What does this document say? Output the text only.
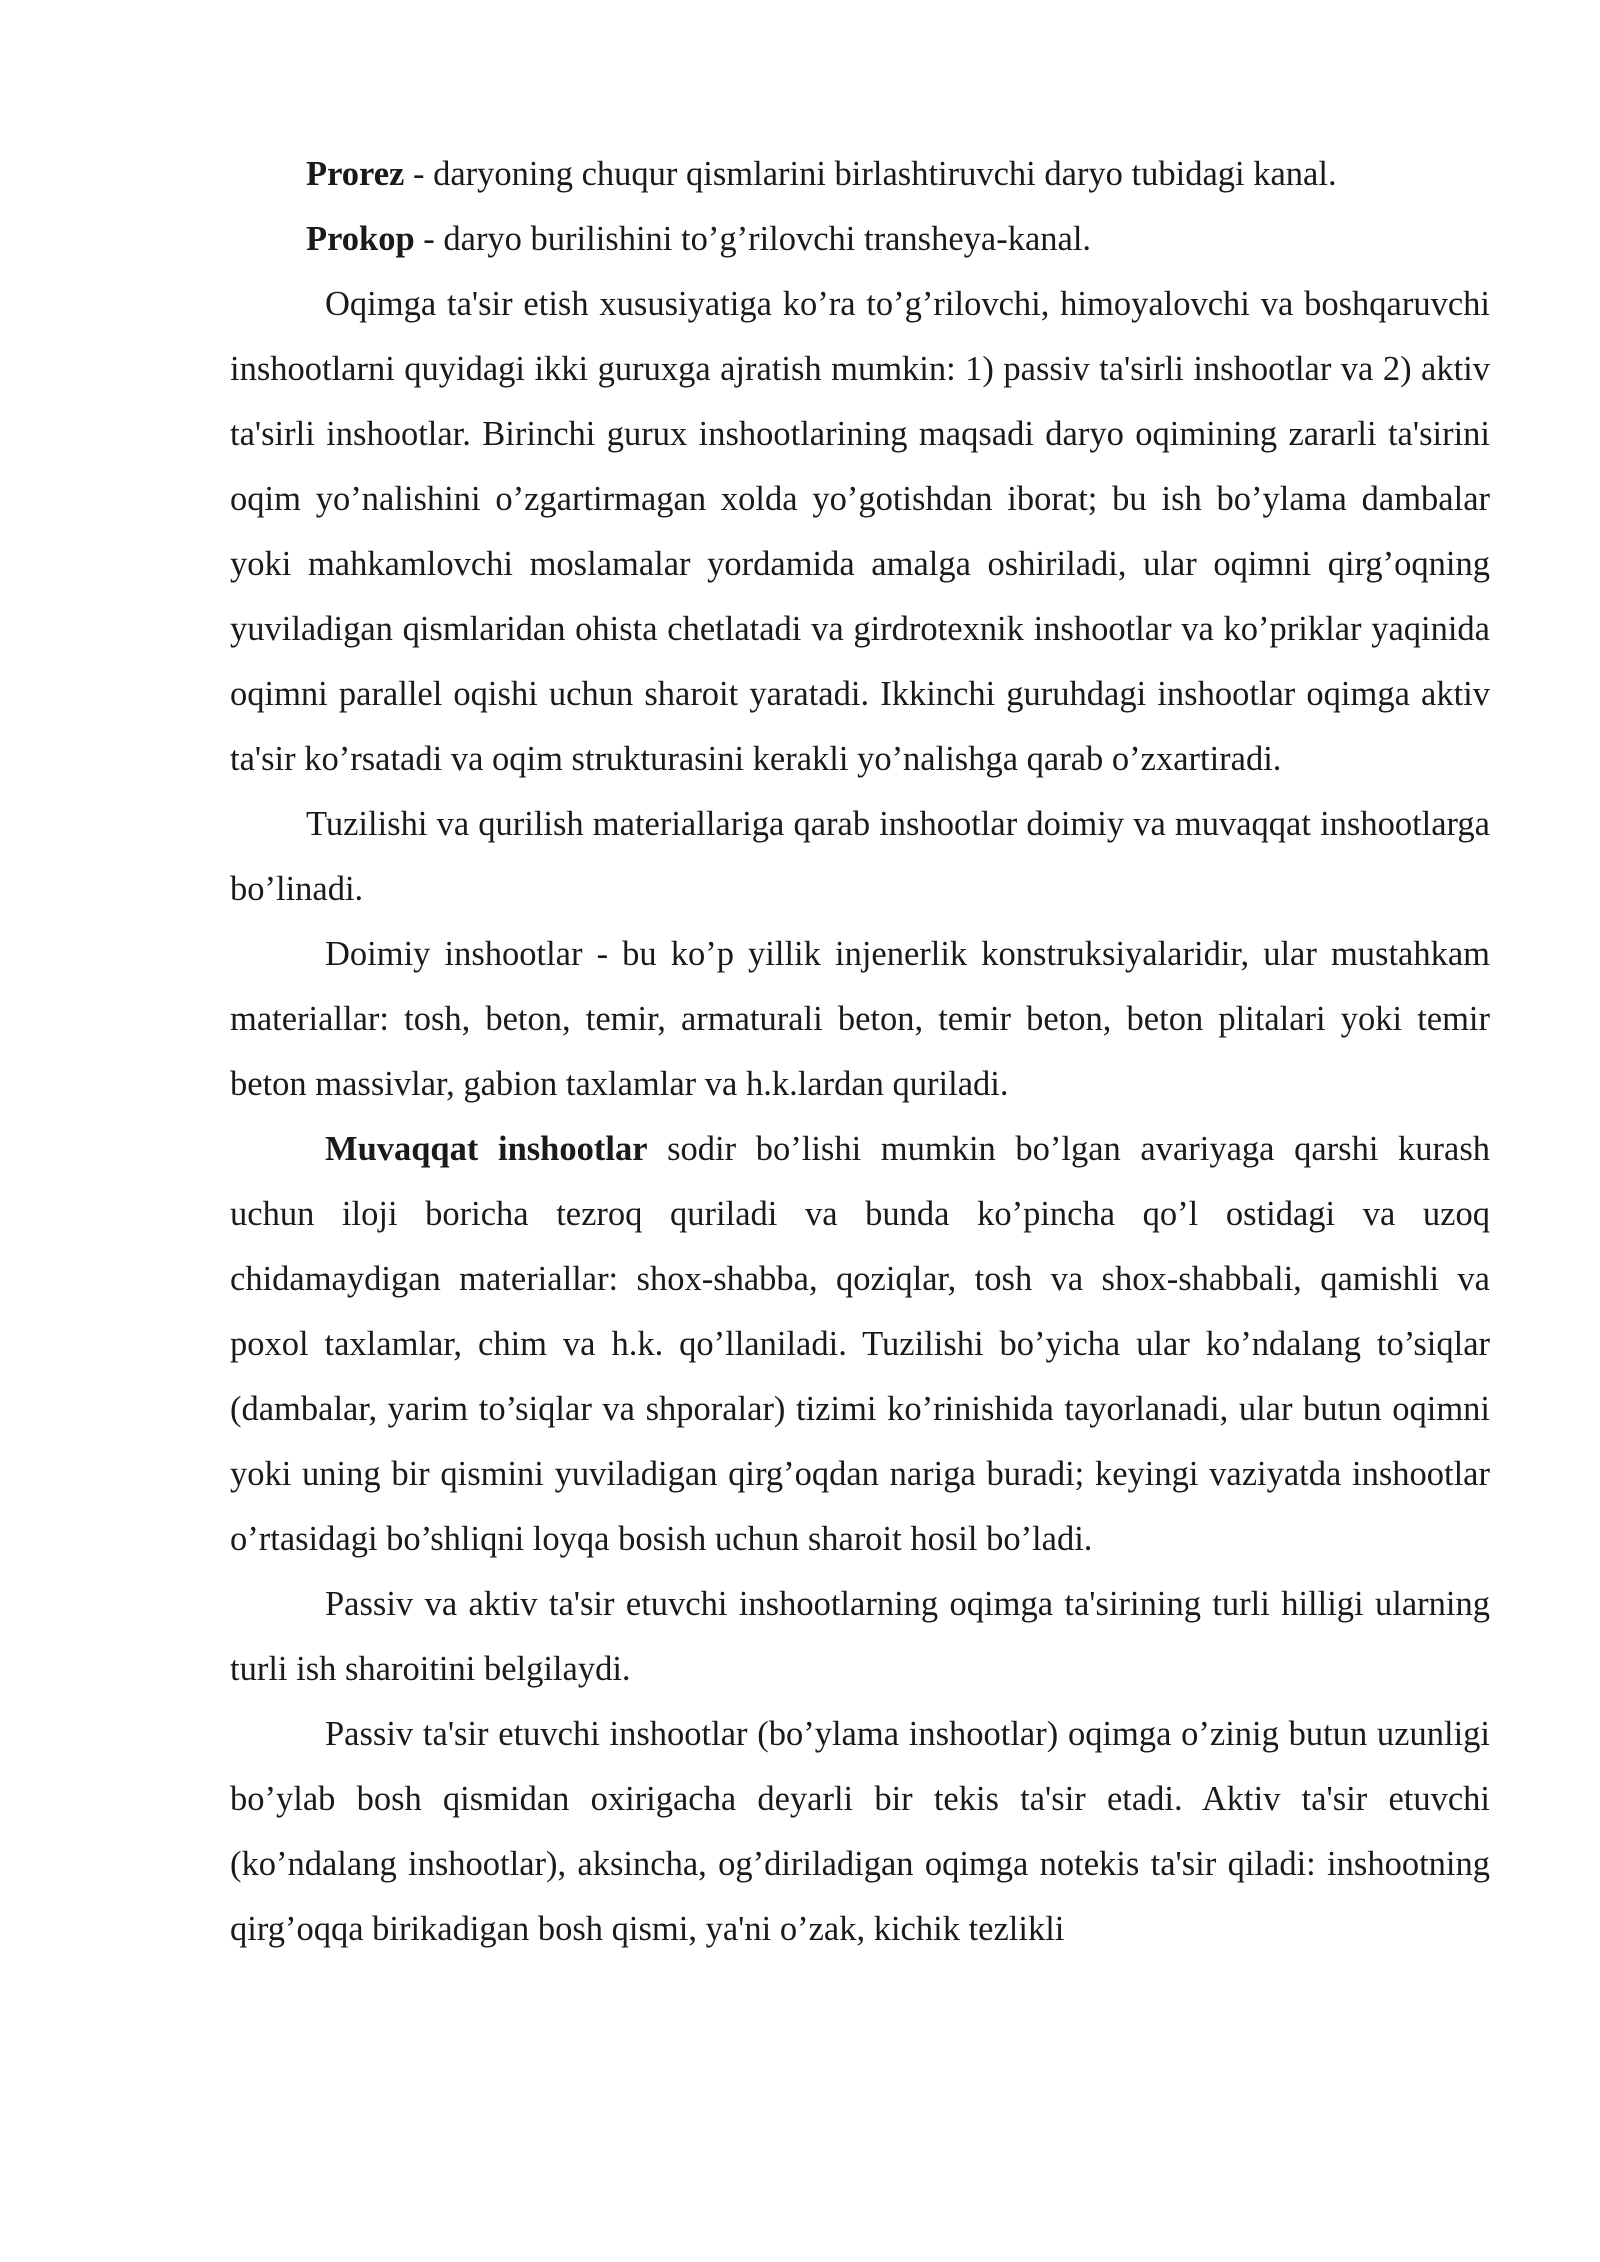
Prorez - daryoning chuqur qismlarini birlashtiruvchi daryo tubidagi kanal.

Prokop - daryo burilishini to’g’rilovchi transheya-kanal.

Oqimga ta'sir etish xususiyatiga ko’ra to’g’rilovchi, himoyalovchi va boshqaruvchi inshootlarni quyidagi ikki guruxga ajratish mumkin: 1) passiv ta'sirli inshootlar va 2) aktiv ta'sirli inshootlar. Birinchi gurux inshootlarining maqsadi daryo oqimining zararli ta'sirini oqim yo’nalishini o’zgartirmagan xolda yo’gotishdan iborat; bu ish bo’ylama dambalar yoki mahkamlovchi moslamalar yordamida amalga oshiriladi, ular oqimni qirg’oqning yuviladigan qismlaridan ohista chetlatadi va girdrotexnik inshootlar va ko’priklar yaqinida oqimni parallel oqishi uchun sharoit yaratadi. Ikkinchi guruhdagi inshootlar oqimga aktiv ta'sir ko’rsatadi va oqim strukturasini kerakli yo’nalishga qarab o’zxartiradi.

Tuzilishi va qurilish materiallariga qarab inshootlar doimiy va muvaqqat inshootlarga bo’linadi.

Doimiy inshootlar - bu ko’p yillik injenerlik konstruksiyalaridir, ular mustahkam materiallar: tosh, beton, temir, armaturali beton, temir beton, beton plitalari yoki temir beton massivlar, gabion taxlamlar va h.k.lardan quriladi.

Muvaqqat inshootlar sodir bo’lishi mumkin bo’lgan avariyaga qarshi kurash uchun iloji boricha tezroq quriladi va bunda ko’pincha qo’l ostidagi va uzoq chidamaydigan materiallar: shox-shabba, qoziqlar, tosh va shox-shabbali, qamishli va poxol taxlamlar, chim va h.k. qo’llaniladi. Tuzilishi bo’yicha ular ko’ndalang to’siqlar (dambalar, yarim to’siqlar va shporalar) tizimi ko’rinishida tayorlanadi, ular butun oqimni yoki uning bir qismini yuviladigan qirg’oqdan nariga buradi; keyingi vaziyatda inshootlar o’rtasidagi bo’shliqni loyqa bosish uchun sharoit hosil bo’ladi.

Passiv va aktiv ta'sir etuvchi inshootlarning oqimga ta'sirining turli hilligi ularning turli ish sharoitini belgilaydi.

Passiv ta'sir etuvchi inshootlar (bo’ylama inshootlar) oqimga o’zinig butun uzunligi bo’ylab bosh qismidan oxirigacha deyarli bir tekis ta'sir etadi. Aktiv ta'sir etuvchi (ko’ndalang inshootlar), aksincha, og’diriladigan oqimga notekis ta'sir qiladi: inshootning qirg’oqqa birikadigan bosh qismi, ya'ni o’zak, kichik tezlikli
